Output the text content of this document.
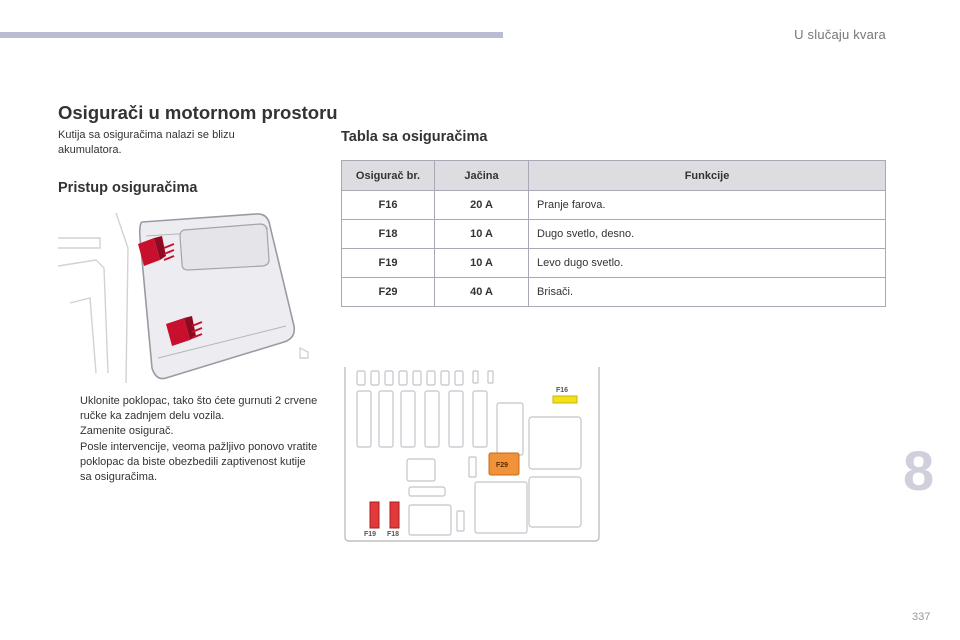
U slučaju kvara
Osigurači u motornom prostoru
Kutija sa osiguračima nalazi se blizu akumulatora.
Pristup osiguračima
Tabla sa osiguračima
Uklonite poklopac, tako što ćete gurnuti 2 crvene ručke ka zadnjem delu vozila.
Zamenite osigurač.
Posle intervencije, veoma pažljivo ponovo vratite poklopac da biste obezbedili zaptivenost kutije sa osiguračima.
Osigurač br.	Jačina	Funkcije
F16	20 A	Pranje farova.
F18	10 A	Dugo svetlo, desno.
F19	10 A	Levo dugo svetlo.
F29	40 A	Brisači.
F16
F29
F19 F18
8
337
